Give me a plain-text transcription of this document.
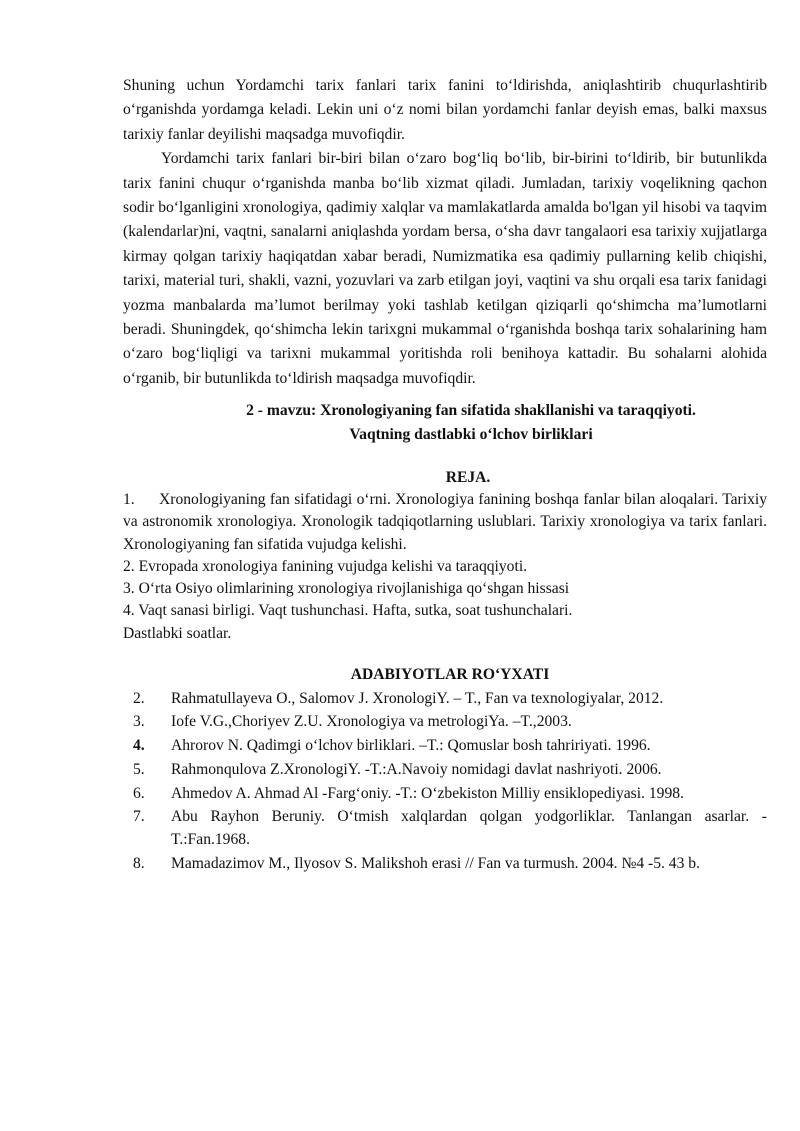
Shuning uchun Yordamchi tarix fanlari tarix fanini to‘ldirishda, aniqlashtirib chuqurlashtirib o‘rganishda yordamga keladi. Lekin uni o‘z nomi bilan yordamchi fanlar deyish emas, balki maxsus tarixiy fanlar deyilishi maqsadga muvofiqdir.

Yordamchi tarix fanlari bir-biri bilan o‘zaro bog‘liq bo‘lib, bir-birini to‘ldirib, bir butunlikda tarix fanini chuqur o‘rganishda manba bo‘lib xizmat qiladi. Jumladan, tarixiy voqelikning qachon sodir bo‘lganligini xronologiya, qadimiy xalqlar va mamlakatlarda amalda bo'lgan yil hisobi va taqvim (kalendarlar)ni, vaqtni, sanalarni aniqlashda yordam bersa, o‘sha davr tangalaori esa tarixiy xujjatlarga kirmay qolgan tarixiy haqiqatdan xabar beradi, Numizmatika esa qadimiy pullarning kelib chiqishi, tarixi, material turi, shakli, vazni, yozuvlari va zarb etilgan joyi, vaqtini va shu orqali esa tarix fanidagi yozma manbalarda ma’lumot berilmay yoki tashlab ketilgan qiziqarli qo‘shimcha ma’lumotlarni beradi. Shuningdek, qo‘shimcha lekin tarixgni mukammal o‘rganishda boshqa tarix sohalarining ham o‘zaro bog‘liqligi va tarixni mukammal yoritishda roli benihoya kattadir. Bu sohalarni alohida o‘rganib, bir butunlikda to‘ldirish maqsadga muvofiqdir.

2 - mavzu: Xronologiyaning fan sifatida shakllanishi va taraqqiyoti.
Vaqtning dastlabki o‘lchov birliklari
REJA.
1. Xronologiyaning fan sifatidagi o‘rni. Xronologiya fanining boshqa fanlar bilan aloqalari. Tarixiy va astronomik xronologiya. Xronologik tadqiqotlarning uslublari. Tarixiy xronologiya va tarix fanlari. Xronologiyaning fan sifatida vujudga kelishi.
2. Evropada xronologiya fanining vujudga kelishi va taraqqiyoti.
3. O‘rta Osiyo olimlarining xronologiya rivojlanishiga qo‘shgan hissasi
4. Vaqt sanasi birligi. Vaqt tushunchasi. Hafta, sutka, soat tushunchalari.
Dastlabki soatlar.
ADABIYOTLAR RO‘YXATI
2. Rahmatullayeva O., Salomov J. XronologiY. – T., Fan va texnologiyalar, 2012.
3. Iofe V.G.,Choriyev Z.U. Xronologiya va metrologiYa. –T.,2003.
4. Ahrorov N. Qadimgi o‘lchov birliklari. –T.: Qomuslar bosh tahririyati. 1996.
5. Rahmonqulova Z.XronologiY. -T.:A.Navoiy nomidagi davlat nashriyoti. 2006.
6. Ahmedov A. Ahmad Al -Farg‘oniy. -T.: O‘zbekiston Milliy ensiklopediyasi. 1998.
7. Abu Rayhon Beruniy. O‘tmish xalqlardan qolgan yodgorliklar. Tanlangan asarlar. -T.:Fan.1968.
8. Mamadazimov M., Ilyosov S. Malikshoh erasi // Fan va turmush. 2004. №4 -5. 43 b.
